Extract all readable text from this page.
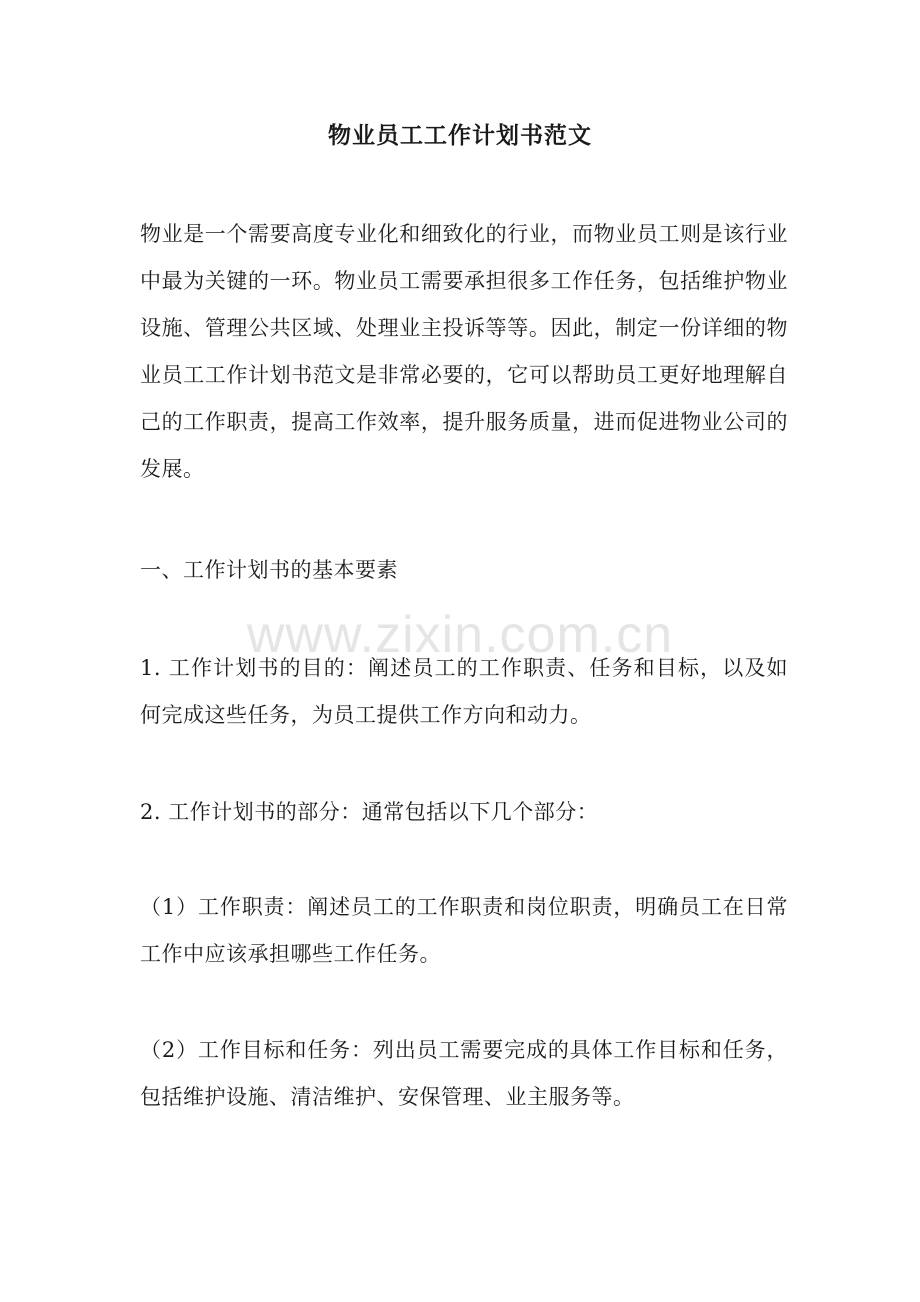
物业员工工作计划书范文
物业是一个需要高度专业化和细致化的行业，而物业员工则是该行业中最为关键的一环。物业员工需要承担很多工作任务，包括维护物业设施、管理公共区域、处理业主投诉等等。因此，制定一份详细的物业员工工作计划书范文是非常必要的，它可以帮助员工更好地理解自己的工作职责，提高工作效率，提升服务质量，进而促进物业公司的发展。
一、工作计划书的基本要素
www.zixin.com.cn
1. 工作计划书的目的：阐述员工的工作职责、任务和目标，以及如何完成这些任务，为员工提供工作方向和动力。
2. 工作计划书的部分：通常包括以下几个部分：
（1）工作职责：阐述员工的工作职责和岗位职责，明确员工在日常工作中应该承担哪些工作任务。
（2）工作目标和任务：列出员工需要完成的具体工作目标和任务，包括维护设施、清洁维护、安保管理、业主服务等。
